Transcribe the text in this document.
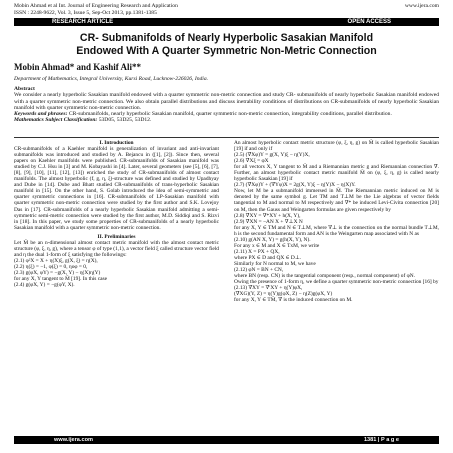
Mobin Ahmad et al Int. Journal of Engineering Research and Application
ISSN : 2248-9622, Vol. 3, Issue 5, Sep-Oct 2013, pp.1381-1385
www.ijera.com
RESEARCH ARTICLE	OPEN ACCESS
CR- Submanifolds of Nearly Hyperbolic Sasakian Manifold
Endowed With A Quarter Symmetric Non-Metric Connection
Mobin Ahmad* and Kashif Ali**
Department of Mathematics, Integral University, Kursi Road, Lucknow-226026, India.
Abstract
We consider a nearly hyperbolic Sasakian manifold endowed with a quarter symmetric non-metric connection and study CR- submanifolds of nearly hyperbolic Sasakian manifold endowed with a quarter symmetric non-metric connection. We also obtain parallel distributions and discuss inetrability conditions of distributions on CR-submanifolds of nearly hyperbolic Sasakian manifold with quarter symmetric non-metric connection.
Keywords and phrases: CR-submanifolds, nearly hyperbolic Sasakian manifold, quarter symmetric non-metric connection, integrability conditions, parallel distribution.
Mathematics Subject Classification: 53D05, 53D25, 53D12.

I. Introduction

CR-submanifolds of a Kaehler manifold is generalization of invariant and anti-invariant submanifolds was introduced and studied by A. Bejancu in ([1], [2]). Since then, several papers on Kaehler manifolds were published. CR-submanifolds of Sasakian manifold was studied by C.J. Hsu in [3] and M. Kobayashi in [4]. Later, several geometers (see [5], [6], [7], [8], [9], [10], [11], [12], [13]) enriched the study of CR-submanifolds of almost contact manifolds. The almost hyperbolic (f, g, η, ξ)-structure was defined and studied by Upadhyay and Dube in [14]. Dube and Bhatt studied CR-submanifolds of trans-hyperbolic Sasakian manifold in [15]. On the other hand, S. Golab introduced the idea of semi-symmetric and quarter symmetric connections in [16]. CR-submanifolds of LP-Sasakian manifold with quarter symmetric non-metric connection were studied by the first author and S.K. Lovejoy Das in [17]. CR-submanifolds of a nearly hyperbolic Sasakian manifold admitting a semi-symmetric semi-metric connection were studied by the first author, M.D. Siddiqi and S. Rizvi in [18]. In this paper, we study some properties of CR-submanifolds of a nearly hyperbolic Sasakian manifold with a quarter symmetric non-metric connection.

II. Preliminaries

Let M̄ be an n-dimensional almost contact metric manifold with the almost contact metric structure (φ, ξ, η, g), where a tensor φ of type (1,1), a vector field ξ called structure vector field and η the dual 1-form of ξ satisfying the followings:

(2.1) φ²X = X + η(X)ξ, g(X, ξ) = η(X),

(2.2) η(ξ) = −1, φ(ξ) = 0, ηoφ = 0,

(2.3) g(φX, φY) = −g(X, Y) − η(X)η(Y)

for any X, Y tangent to M̄ [19]. In this case

(2.4) g(φX, Y) = −g(φY, X).

An almost hyperbolic contact metric structure (φ, ξ, η, g) on M̄ is called hyperbolic Sasakian [19] if and only if

(2.5) (∇̄Xφ)Y = g(X, Y)ξ − η(Y)X,

(2.6) ∇̄Xξ = φX

for all vectors X, Y tangent to M̄ and a Riemannian metric g and Riemannian connection ∇̄. Further, an almost hyperbolic contact metric manifold M̄ on (φ, ξ, η, g) is called nearly hyperbolic Sasakian [19] if

(2.7) (∇̄Xφ)Y + (∇̄Yφ)X = 2g(X, Y)ξ − η(Y)X − η(X)Y.

Now, let M be a submanifold immersed in M̄. The Riemannian metric induced on M is denoted by the same symbol g. Let TM and T⊥M be the Lie algebras of vector fields tangential to M and normal to M respectively and ∇* be induced Levi-Civita connection [20] on M, then the Gauss and Weingarten formulas are given respectively by

(2.8) ∇̄XY = ∇*XY + h(X, Y),

(2.9) ∇̄XN = −AN X + ∇⊥X N

for any X, Y ∈ TM and N ∈ T⊥M, where ∇⊥ is the connection on the normal bundle T⊥M, h is the second fundamental form and AN is the Weingarten map associated with N as

(2.10) g(AN X, Y) = g(h(X, Y), N).

For any x ∈ M and X ∈ TxM, we write

(2.11) X = PX + QX,

where PX ∈ D and QX ∈ D⊥.

Similarly for N normal to M, we have

(2.12) φN = BN + CN,

where BN (resp. CN) is the tangential component (resp., normal component) of φN.

Owing the presence of 1-form η, we define a quarter symmetric non-metric connection [16] by

(2.13) ∇̄XY = ∇̄′XY + η(Y)φX,

(∇̄XG)(Y, Z) = η(Y)g(φX, Z) − η(Z)g(φX, Y)

for any X, Y ∈ TM̄, ∇̄ is the induced connection on M.

www.ijera.com	1381 | P a g e
